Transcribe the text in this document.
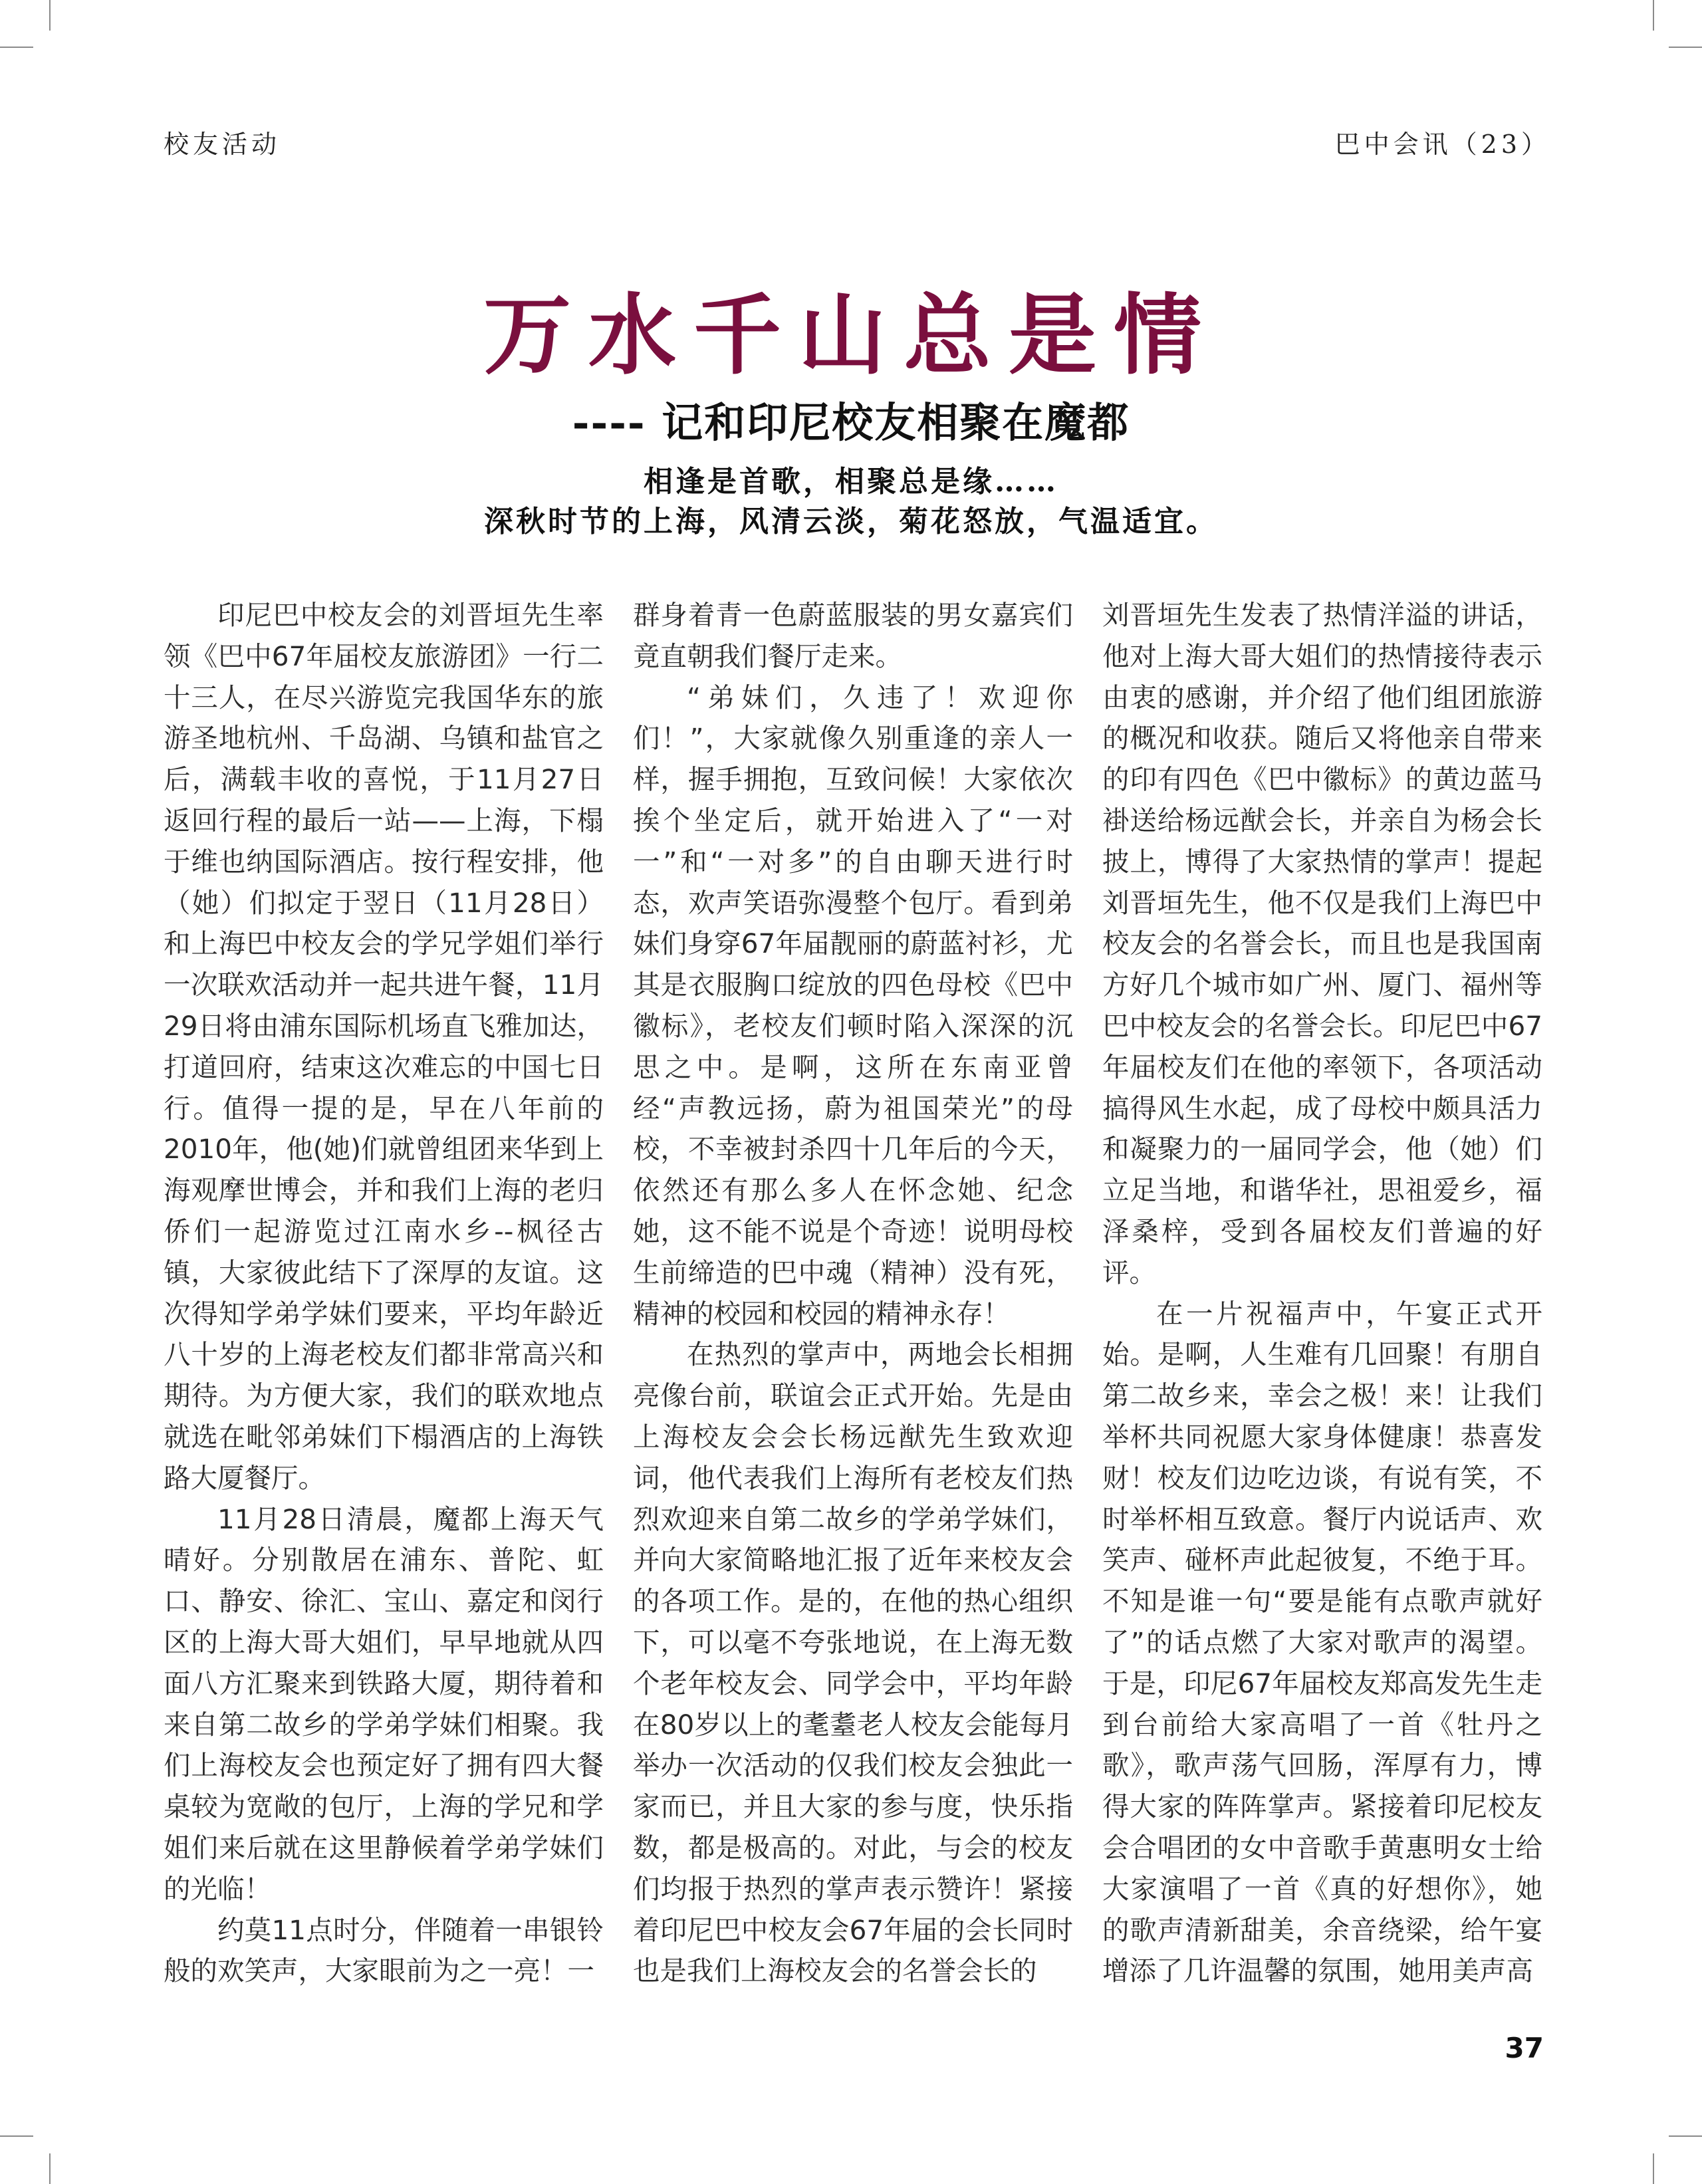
校友活动	巴中会讯（23）
万水千山总是情
---- 记和印尼校友相聚在魔都
相逢是首歌，相聚总是缘……
深秋时节的上海，风清云淡，菊花怒放，气温适宜。

印尼巴中校友会的刘晋垣先生率领《巴中67年届校友旅游团》一行二十三人，在尽兴游览完我国华东的旅游圣地杭州、千岛湖、乌镇和盐官之后，满载丰收的喜悦，于11月27日返回行程的最后一站——上海，下榻于维也纳国际酒店。按行程安排，他（她）们拟定于翌日（11月28日）和上海巴中校友会的学兄学姐们举行一次联欢活动并一起共进午餐，11月29日将由浦东国际机场直飞雅加达，打道回府，结束这次难忘的中国七日行。值得一提的是，早在八年前的2010年，他(她)们就曾组团来华到上海观摩世博会，并和我们上海的老归侨们一起游览过江南水乡--枫径古镇，大家彼此结下了深厚的友谊。这次得知学弟学妹们要来，平均年龄近八十岁的上海老校友们都非常高兴和期待。为方便大家，我们的联欢地点就选在毗邻弟妹们下榻酒店的上海铁路大厦餐厅。

11月28日清晨，魔都上海天气晴好。分别散居在浦东、普陀、虹口、静安、徐汇、宝山、嘉定和闵行区的上海大哥大姐们，早早地就从四面八方汇聚来到铁路大厦，期待着和来自第二故乡的学弟学妹们相聚。我们上海校友会也预定好了拥有四大餐桌较为宽敞的包厅，上海的学兄和学姐们来后就在这里静候着学弟学妹们的光临！

约莫11点时分，伴随着一串银铃般的欢笑声，大家眼前为之一亮！一

群身着青一色蔚蓝服装的男女嘉宾们竟直朝我们餐厅走来。

“弟妹们，久违了！欢迎你们！”，大家就像久别重逢的亲人一样，握手拥抱，互致问候！大家依次挨个坐定后，就开始进入了“一对一”和“一对多”的自由聊天进行时态，欢声笑语弥漫整个包厅。看到弟妹们身穿67年届靓丽的蔚蓝衬衫，尤其是衣服胸口绽放的四色母校《巴中徽标》，老校友们顿时陷入深深的沉思之中。是啊，这所在东南亚曾经“声教远扬，蔚为祖国荣光”的母校，不幸被封杀四十几年后的今天，依然还有那么多人在怀念她、纪念她，这不能不说是个奇迹！说明母校生前缔造的巴中魂（精神）没有死，精神的校园和校园的精神永存！

在热烈的掌声中，两地会长相拥亮像台前，联谊会正式开始。先是由上海校友会会长杨远猷先生致欢迎词，他代表我们上海所有老校友们热烈欢迎来自第二故乡的学弟学妹们，并向大家简略地汇报了近年来校友会的各项工作。是的，在他的热心组织下，可以毫不夸张地说，在上海无数个老年校友会、同学会中，平均年龄在80岁以上的耄耋老人校友会能每月举办一次活动的仅我们校友会独此一家而已，并且大家的参与度，快乐指数，都是极高的。对此，与会的校友们均报于热烈的掌声表示赞许！紧接着印尼巴中校友会67年届的会长同时也是我们上海校友会的名誉会长的

刘晋垣先生发表了热情洋溢的讲话，他对上海大哥大姐们的热情接待表示由衷的感谢，并介绍了他们组团旅游的概况和收获。随后又将他亲自带来的印有四色《巴中徽标》的黄边蓝马褂送给杨远猷会长，并亲自为杨会长披上，博得了大家热情的掌声！提起刘晋垣先生，他不仅是我们上海巴中校友会的名誉会长，而且也是我国南方好几个城市如广州、厦门、福州等巴中校友会的名誉会长。印尼巴中67年届校友们在他的率领下，各项活动搞得风生水起，成了母校中颇具活力和凝聚力的一届同学会，他（她）们立足当地，和谐华社，思祖爱乡，福泽桑梓，受到各届校友们普遍的好评。

在一片祝福声中，午宴正式开始。是啊，人生难有几回聚！有朋自第二故乡来，幸会之极！来！让我们举杯共同祝愿大家身体健康！恭喜发财！校友们边吃边谈，有说有笑，不时举杯相互致意。餐厅内说话声、欢笑声、碰杯声此起彼复，不绝于耳。不知是谁一句“要是能有点歌声就好了”的话点燃了大家对歌声的渴望。于是，印尼67年届校友郑高发先生走到台前给大家高唱了一首《牡丹之歌》，歌声荡气回肠，浑厚有力，博得大家的阵阵掌声。紧接着印尼校友会合唱团的女中音歌手黄惠明女士给大家演唱了一首《真的好想你》，她的歌声清新甜美，余音绕梁，给午宴增添了几许温馨的氛围，她用美声高

37
